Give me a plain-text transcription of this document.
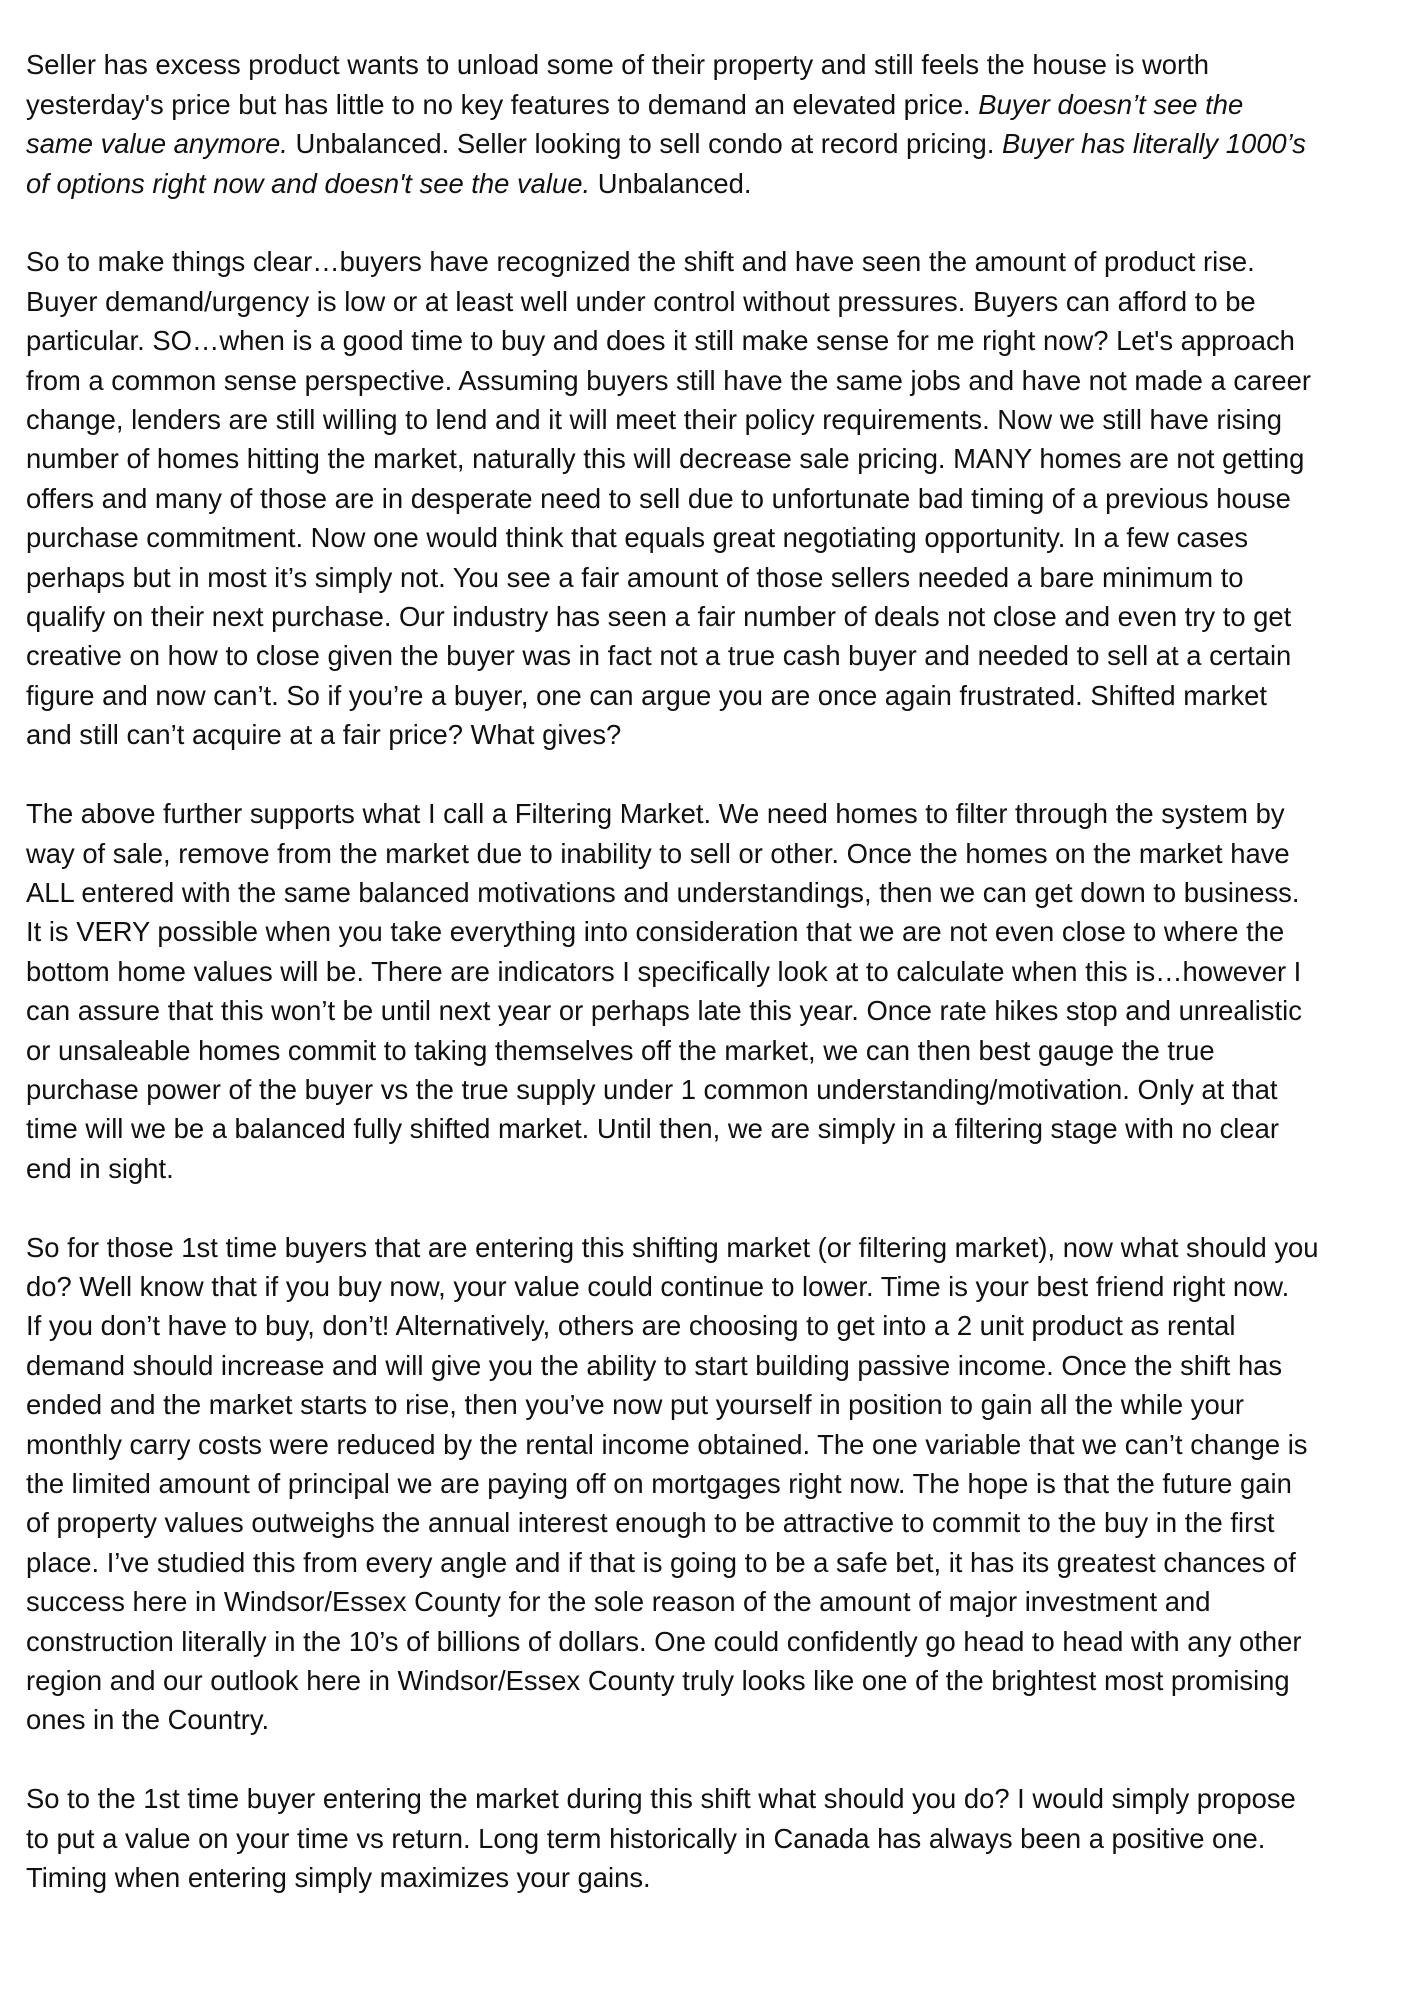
Seller has excess product wants to unload some of their property and still feels the house is worth
yesterday's price but has little to no key features to demand an elevated price. Buyer doesn’t see the
same value anymore. Unbalanced. Seller looking to sell condo at record pricing. Buyer has literally 1000’s
of options right now and doesn't see the value. Unbalanced.

So to make things clear…buyers have recognized the shift and have seen the amount of product rise.
Buyer demand/urgency is low or at least well under control without pressures. Buyers can afford to be
particular. SO…when is a good time to buy and does it still make sense for me right now? Let's approach
from a common sense perspective. Assuming buyers still have the same jobs and have not made a career
change, lenders are still willing to lend and it will meet their policy requirements. Now we still have rising
number of homes hitting the market, naturally this will decrease sale pricing. MANY homes are not getting
offers and many of those are in desperate need to sell due to unfortunate bad timing of a previous house
purchase commitment. Now one would think that equals great negotiating opportunity. In a few cases
perhaps but in most it’s simply not. You see a fair amount of those sellers needed a bare minimum to
qualify on their next purchase. Our industry has seen a fair number of deals not close and even try to get
creative on how to close given the buyer was in fact not a true cash buyer and needed to sell at a certain
figure and now can’t. So if you’re a buyer, one can argue you are once again frustrated. Shifted market
and still can’t acquire at a fair price? What gives?

The above further supports what I call a Filtering Market. We need homes to filter through the system by
way of sale, remove from the market due to inability to sell or other. Once the homes on the market have
ALL entered with the same balanced motivations and understandings, then we can get down to business.
It is VERY possible when you take everything into consideration that we are not even close to where the
bottom home values will be. There are indicators I specifically look at to calculate when this is…however I
can assure that this won’t be until next year or perhaps late this year. Once rate hikes stop and unrealistic
or unsaleable homes commit to taking themselves off the market, we can then best gauge the true
purchase power of the buyer vs the true supply under 1 common understanding/motivation. Only at that
time will we be a balanced fully shifted market. Until then, we are simply in a filtering stage with no clear
end in sight.

So for those 1st time buyers that are entering this shifting market (or filtering market), now what should you
do? Well know that if you buy now, your value could continue to lower. Time is your best friend right now.
If you don’t have to buy, don’t! Alternatively, others are choosing to get into a 2 unit product as rental
demand should increase and will give you the ability to start building passive income. Once the shift has
ended and the market starts to rise, then you’ve now put yourself in position to gain all the while your
monthly carry costs were reduced by the rental income obtained. The one variable that we can’t change is
the limited amount of principal we are paying off on mortgages right now. The hope is that the future gain
of property values outweighs the annual interest enough to be attractive to commit to the buy in the first
place. I’ve studied this from every angle and if that is going to be a safe bet, it has its greatest chances of
success here in Windsor/Essex County for the sole reason of the amount of major investment and
construction literally in the 10’s of billions of dollars. One could confidently go head to head with any other
region and our outlook here in Windsor/Essex County truly looks like one of the brightest most promising
ones in the Country.

So to the 1st time buyer entering the market during this shift what should you do? I would simply propose
to put a value on your time vs return. Long term historically in Canada has always been a positive one.
Timing when entering simply maximizes your gains.
